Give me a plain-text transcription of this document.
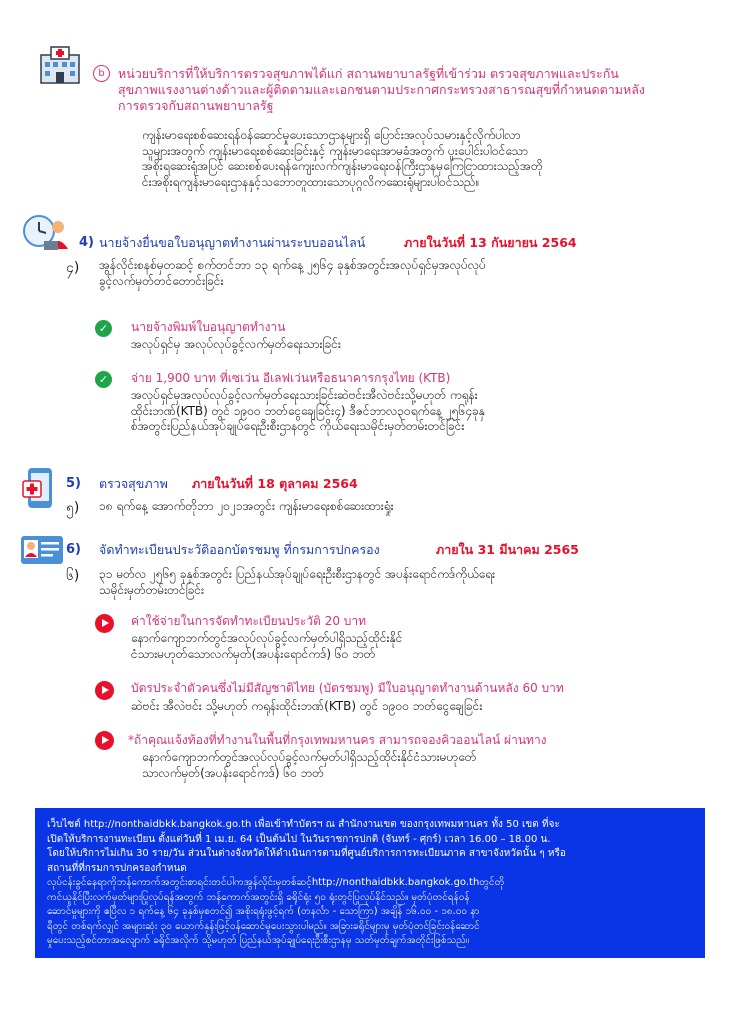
b	หน่วยบริการที่ให้บริการตรวจสุขภาพได้แก่ สถานพยาบาลรัฐที่เข้าร่วม ตรวจสุขภาพและประกัน
สุขภาพแรงงานต่างด้าวและผู้ติดตามและเอกชนตามประกาศกระทรวงสาธารณสุขที่กำหนดตามหลัง
การตรวจกับสถานพยาบาลรัฐ
ကျန်းမာရေးစစ်ဆေးရန်ဝန်ဆောင်မှုပေးသောဌာနများရှိ ပြောင်းအလုပ်သမားနှင့်လိုက်ပါလာ
သူများအတွက် ကျန်းမာရေးစစ်ဆေးခြင်းနှင့် ကျန်းမာရေးအာမခံအတွက် ပူးပေါင်းပါဝင်သော
အစိုးရဆေးရုံအပြင် ဆေးစစ်ပေးရန်ကျေးလက်ကျန်းမာရေးဝန်ကြီးဌာနမှကြေငြာထားသည့်အတို
င်းအစိုးရကျန်းမာရေးဌာနနှင့်သဘောတူထားသောပုဂ္ဂလိကဆေးရုံများပါဝင်သည်။
4) นายจ้างยื่นขอใบอนุญาตทำงานผ่านระบบออนไลน์	ภายในวันที่ 13 กันยายน 2564
၄) အွန်လိုင်းစနစ်မှတဆင့် စက်တင်ဘာ ၁၃ ရက်နေ့ ၂၅၆၄ ခုနှစ်အတွင်းအလုပ်ရှင်မှအလုပ်လုပ်
ခွင့်လက်မှတ်တင်တောင်းခြင်း
✓	นายจ้างพิมพ์ใบอนุญาตทำงาน
အလုပ်ရှင်မှ အလုပ်လုပ်ခွင့်လက်မှတ်ရေးသားခြင်း
✓	จ่าย 1,900 บาท ที่เซเว่น อีเลฟเว่นหรือธนาคารกรุงไทย (KTB)
အလုပ်ရှင်မှအလုပ်လုပ်ခွင့်လက်မှတ်ရေးသားခြင်းဆဲဗင်းအီလဲဗင်းသို့မဟုတ် ကရုန်း
ထိုင်းဘဏ်(KTB) တွင် ၁၉၀၀ ဘတ်ငွေချေခြင်း၄) ဒီဇင်ဘာလ၃၀ရက်နေ့ ၂၅၆၄ခုနှ
စ်အတွင်းပြည်နယ်အုပ်ချုပ်ရေးဦးစီးဌာနတွင် ကိုယ်ရေးသမိုင်းမှတ်တမ်းတင်ခြင်း
5) ตรวจสุขภาพ ภายในวันที่ 18 ตุลาคม 2564
၅) ၁၈ ရက်နေ့ အောက်တိုဘာ ၂၀၂၁အတွင်း ကျန်းမာရေးစစ်ဆေးထားရှုံး
6) จัดทำทะเบียนประวัติออกบัตรชมพู ที่กรมการปกครอง	ภายใน 31 มีนาคม 2565
၆) ၃၁ မတ်လ ၂၅၆၅ ခုနှစ်အတွင်း ပြည်နယ်အုပ်ချုပ်ရေးဦးစီးဌာနတွင် အပန်းရောင်ကဒ်ကိုယ်ရေး
သမိုင်းမှတ်တမ်းတင်ခြင်း
ค่าใช้จ่ายในการจัดทำทะเบียนประวัติ 20 บาท
နောက်ကျောဘက်တွင်အလုပ်လုပ်ခွင့်လက်မှတ်ပါရှိသည့်ထိုင်းနိုင်
ငံသားမဟုတ်သောလက်မှတ်(အပန်းရောင်ကဒ်) ၆၀ ဘတ်
บัตรประจำตัวคนซึ่งไม่มีสัญชาติไทย (บัตรชมพู) มีใบอนุญาตทำงานด้านหลัง 60 บาท
ဆဲဗင်း အီလဲဗင်း သို့မဟုတ် ကရုန်းထိုင်းဘဏ်(KTB) တွင် ၁၉၀၀ ဘတ်ငွေချေခြင်း
*ถ้าคุณแจ้งท้องที่ทำงานในพื้นที่กรุงเทพมหานคร สามารถจองคิวออนไลน์ ผ่านทาง
နောက်ကျောဘက်တွင်အလုပ်လုပ်ခွင့်လက်မှတ်ပါရှိသည့်ထိုင်းနိုင်ငံသားမဟုတ်ေ
သာလက်မှတ်(အပန်းရောင်ကဒ်) ၆၀ ဘတ်

เว็บไซต์ http://nonthaidbkk.bangkok.go.th เพื่อเข้าทำบัตรฯ ณ สำนักงานเขต ของกรุงเทพมหานคร ทั้ง 50 เขต ที่จะ

เปิดให้บริการงานทะเบียน ตั้งแต่วันที่ 1 เม.ย. 64 เป็นต้นไป ในวันราชการปกติ (จันทร์ - ศุกร์) เวลา 16.00 – 18.00 น.

โดยให้บริการไม่เกิน 30 ราย/วัน ส่วนในต่างจังหวัดให้ดำเนินการตามที่ศูนย์บริการการทะเบียนภาค สาขาจังหวัดนั้น ๆ หรือ

สถานที่ที่กรมการปกครองกำหนด

လုပ်ငန်းခွင်နေရာကိုဘန်ကောက်အတွင်းစာရင်းတင်ပါကအွန်လိုင်းမှတစ်ဆင့်http://nonthaidbkk.bangkok.go.thတွင်တို

ကင်ယူနိုင်ပြီးလက်မှတ်များပြုလုပ်ရန်အတွက် ဘန်ကောက်အတွင်းရှိ ခရိုင်ရုံး ၅၀ ရုံးတွင်ပြုလုပ်နိုင်သည်။ မှတ်ပုံတင်ရန်ဝန်

ဆောင်မှုများကို ဧပြီလ ၁ ရက်နေ့ ၆၄ ခုနှစ်မှစတင်၍ အစိုးရရုံးဖွင့်ရက် (တနင်္လာ - သောကြာ) အချိန် ၁၆.၀၀ - ၁၈.၀၀ နာ

ရီတွင် တစ်ရက်လျှင် အများဆုံး ၃၀ ယောက်နှန်းဖြင့်ဝန်ဆောင်မှုပေးသွားပါမည်။ အခြားခရိုင်များမှ မှတ်ပုံတင်ခြင်းဝန်ဆောင်

မှုပေးသည့်စင်တာအလျောက် ခရိုင်အလိုက် သို့မဟုတ် ပြည်နယ်အုပ်ချုပ်ရေးဦးစီးဌာနမှ သတ်မှတ်ချက်အတိုင်းဖြစ်သည်။
